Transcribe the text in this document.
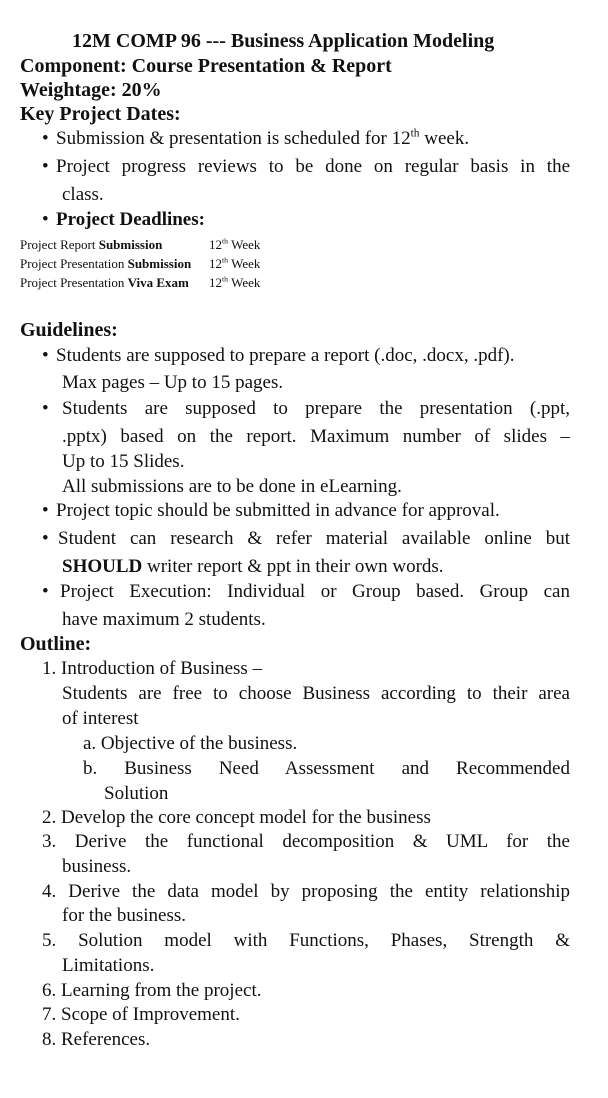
12M COMP 96 --- Business Application Modeling
Component: Course Presentation & Report
Weightage: 20%
Key Project Dates:
• Submission & presentation is scheduled for 12th week.
• Project progress reviews to be done on regular basis in the
class.
• Project Deadlines:
Project Report Submission	12th Week
Project Presentation Submission 12th Week
Project Presentation Viva Exam 12th Week
Guidelines:
• Students are supposed to prepare a report (.doc, .docx, .pdf).
Max pages – Up to 15 pages.
• Students are supposed to prepare the presentation (.ppt,
.pptx) based on the report. Maximum number of slides –
Up to 15 Slides.
All submissions are to be done in eLearning.
• Project topic should be submitted in advance for approval.
• Student can research & refer material available online but
SHOULD writer report & ppt in their own words.
• Project Execution: Individual or Group based. Group can
have maximum 2 students.
Outline:
1. Introduction of Business –
Students are free to choose Business according to their area
of interest
a. Objective of the business.
b. Business Need Assessment and Recommended
Solution
2. Develop the core concept model for the business
3. Derive the functional decomposition & UML for the
business.
4. Derive the data model by proposing the entity relationship
for the business.
5. Solution model with Functions, Phases, Strength &
Limitations.
6. Learning from the project.
7. Scope of Improvement.
8. References.
